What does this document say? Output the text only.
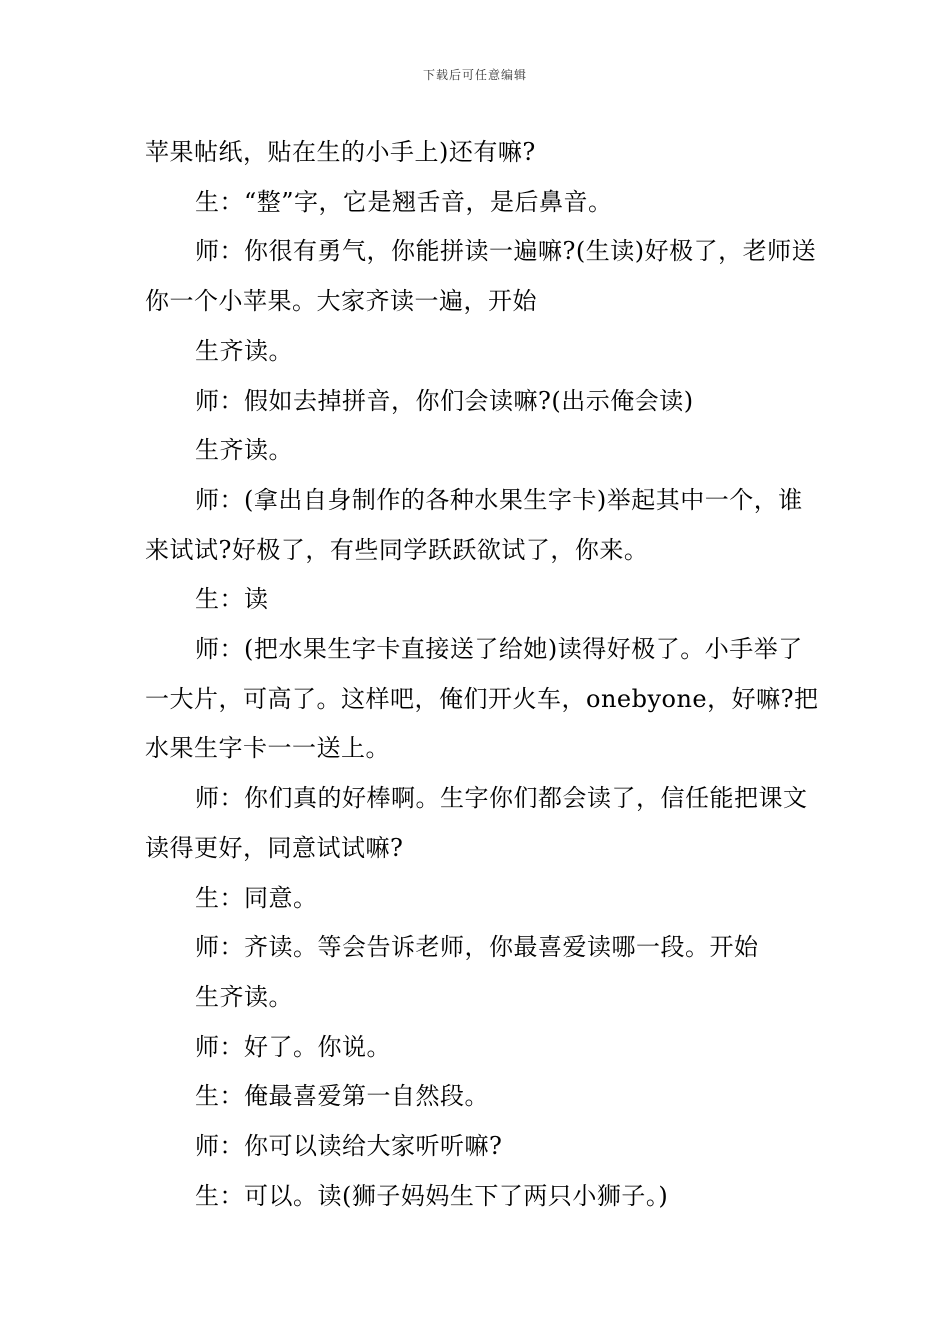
下载后可任意编辑

苹果帖纸，贴在生的小手上)还有嘛?

生：“整”字，它是翘舌音，是后鼻音。

师：你很有勇气，你能拼读一遍嘛?(生读)好极了，老师送你一个小苹果。大家齐读一遍，开始

生齐读。

师：假如去掉拼音，你们会读嘛?(出示俺会读)

生齐读。

师：(拿出自身制作的各种水果生字卡)举起其中一个，谁来试试?好极了，有些同学跃跃欲试了，你来。

生：读

师：(把水果生字卡直接送了给她)读得好极了。小手举了一大片，可高了。这样吧，俺们开火车，onebyone，好嘛?把水果生字卡一一送上。

师：你们真的好棒啊。生字你们都会读了，信任能把课文读得更好，同意试试嘛?

生：同意。

师：齐读。等会告诉老师，你最喜爱读哪一段。开始

生齐读。

师：好了。你说。

生：俺最喜爱第一自然段。

师：你可以读给大家听听嘛?

生：可以。读(狮子妈妈生下了两只小狮子。)
